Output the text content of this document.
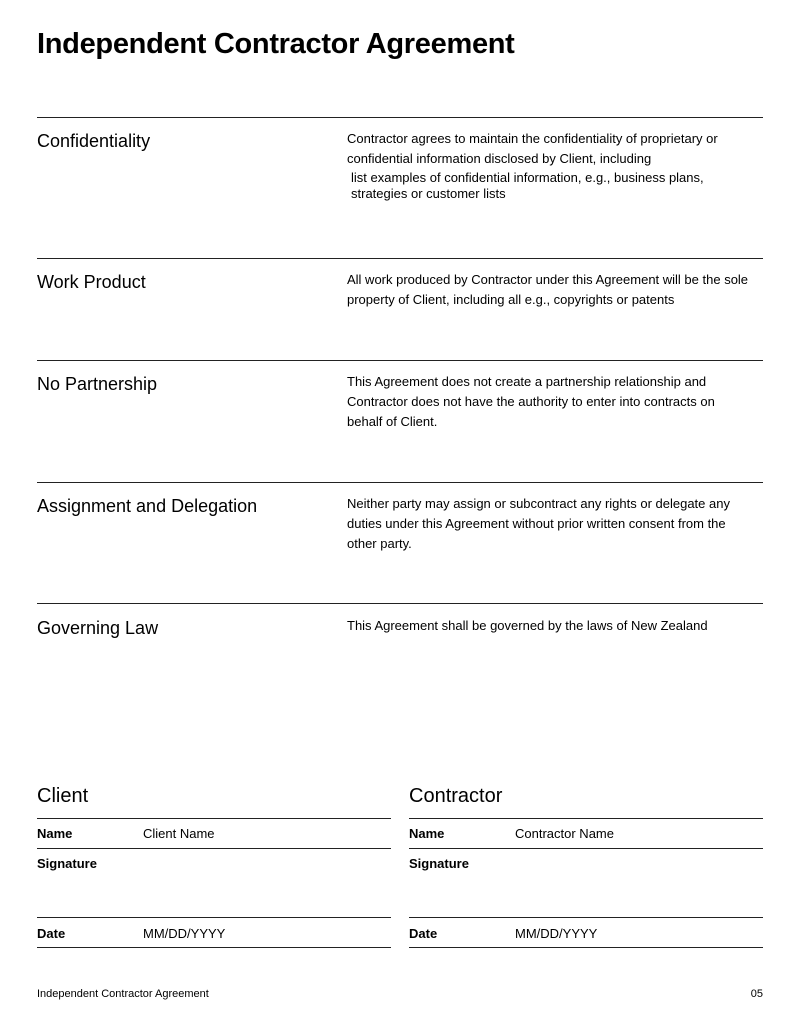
Independent Contractor Agreement
Confidentiality	Contractor agrees to maintain the confidentiality of proprietary or confidential information disclosed by Client, including
list examples of confidential information, e.g., business plans, strategies or customer lists
Work Product	All work produced by Contractor under this Agreement will be the sole property of Client, including all e.g., copyrights or patents
No Partnership	This Agreement does not create a partnership relationship and Contractor does not have the authority to enter into contracts on behalf of Client.
Assignment and Delegation	Neither party may assign or subcontract any rights or delegate any duties under this Agreement without prior written consent from the other party.
Governing Law	This Agreement shall be governed by the laws of New Zealand
Client
Name	Client Name
Signature
Date	MM/DD/YYYY
Contractor
Name	Contractor Name
Signature
Date	MM/DD/YYYY
Independent Contractor Agreement	05
